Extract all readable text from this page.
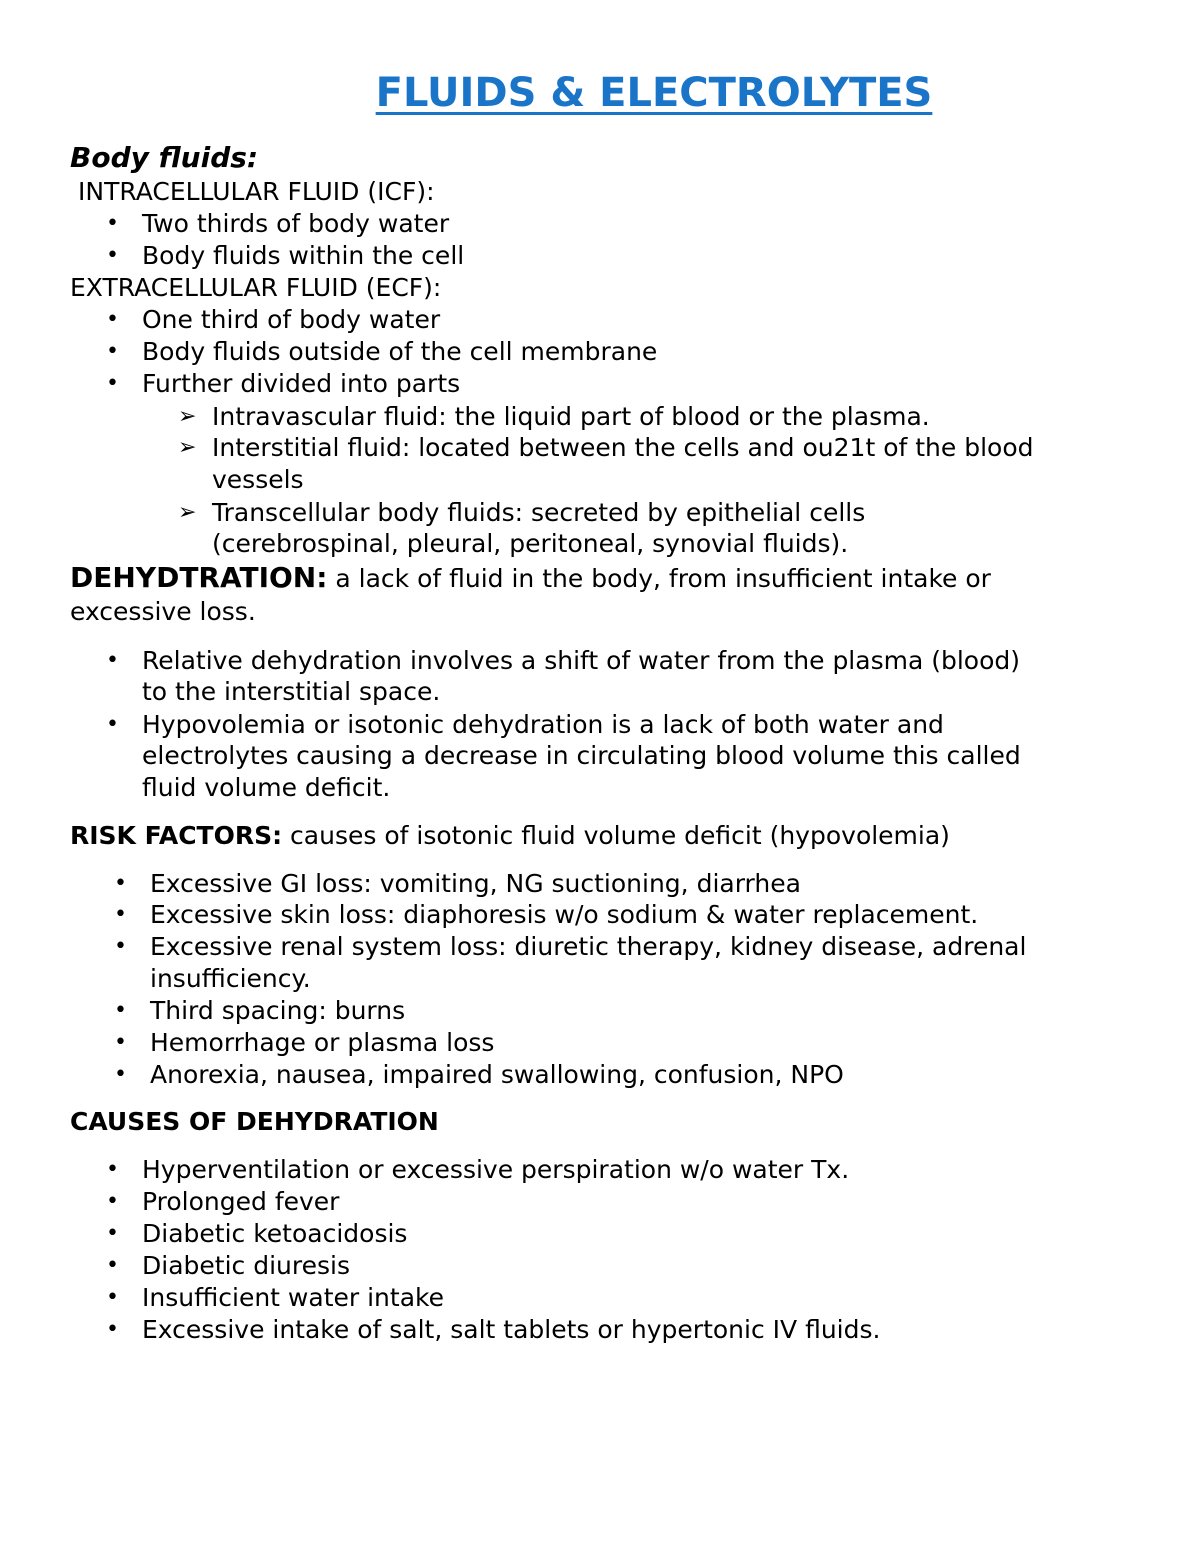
FLUIDS & ELECTROLYTES
Body fluids:
INTRACELLULAR FLUID (ICF):
• Two thirds of body water
• Body fluids within the cell
EXTRACELLULAR FLUID (ECF):
• One third of body water
• Body fluids outside of the cell membrane
• Further divided into parts
➢ Intravascular fluid: the liquid part of blood or the plasma.
➢ Interstitial fluid: located between the cells and ou21t of the blood
vessels
➢ Transcellular body fluids: secreted by epithelial cells
(cerebrospinal, pleural, peritoneal, synovial fluids).
DEHYDTRATION: a lack of fluid in the body, from insufficient intake or
excessive loss.
• Relative dehydration involves a shift of water from the plasma (blood)
to the interstitial space.
• Hypovolemia or isotonic dehydration is a lack of both water and
electrolytes causing a decrease in circulating blood volume this called
fluid volume deficit.
RISK FACTORS: causes of isotonic fluid volume deficit (hypovolemia)
• Excessive GI loss: vomiting, NG suctioning, diarrhea
• Excessive skin loss: diaphoresis w/o sodium & water replacement.
• Excessive renal system loss: diuretic therapy, kidney disease, adrenal
insufficiency.
• Third spacing: burns
• Hemorrhage or plasma loss
• Anorexia, nausea, impaired swallowing, confusion, NPO
CAUSES OF DEHYDRATION
• Hyperventilation or excessive perspiration w/o water Tx.
• Prolonged fever
• Diabetic ketoacidosis
• Diabetic diuresis
• Insufficient water intake
• Excessive intake of salt, salt tablets or hypertonic IV fluids.
